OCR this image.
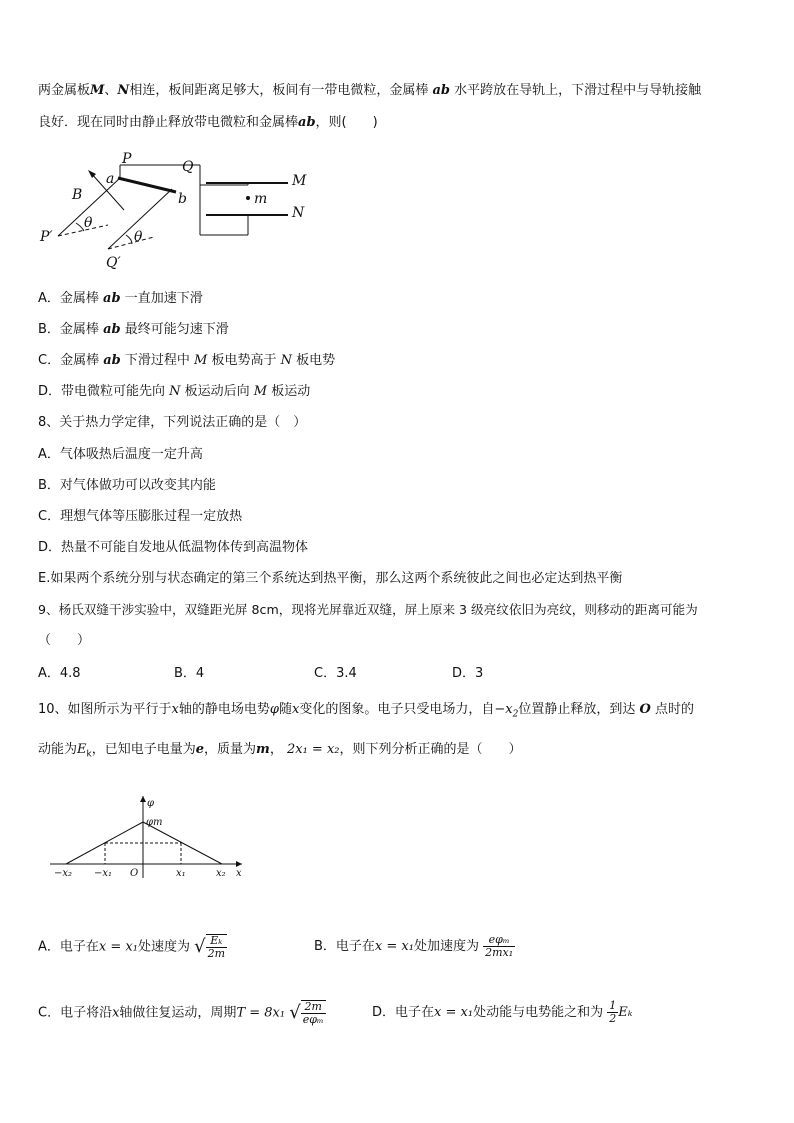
两金属板M、N相连，板间距离足够大，板间有一带电微粒，金属棒 ab 水平跨放在导轨上，下滑过程中与导轨接触
良好．现在同时由静止释放带电微粒和金属棒ab，则(　　)
P	Q
a
b
B
M
N
m
P′
Q′
θ
θ
A．金属棒 ab 一直加速下滑
B．金属棒 ab 最终可能匀速下滑
C．金属棒 ab 下滑过程中 M 板电势高于 N 板电势
D．带电微粒可能先向 N 板运动后向 M 板运动
8、关于热力学定律，下列说法正确的是（　）
A．气体吸热后温度一定升高
B．对气体做功可以改变其内能
C．理想气体等压膨胀过程一定放热
D．热量不可能自发地从低温物体传到高温物体
E.如果两个系统分别与状态确定的第三个系统达到热平衡，那么这两个系统彼此之间也必定达到热平衡
9、杨氏双缝干涉实验中，双缝距光屏 8cm，现将光屏靠近双缝，屏上原来 3 级亮纹依旧为亮纹，则移动的距离可能为
（　　）
A．4.8	B．4	C．3.4	D．3
10、如图所示为平行于x轴的静电场电势φ随x变化的图象。电子只受电场力，自$-x_2$位置静止释放，到达 O 点时的
动能为$E_k$，已知电子电量为e，质量为m， 2x₁ = x₂，则下列分析正确的是（　　）
φ
x
φm
O
−x₂ −x₁	x₁	x₂
A．电子在x = x₁处速度为 √ $\frac{\text{Eₖ}}{2m}$	B．电子在x = x₁处加速度为 $\frac{\text{eφₘ}}{\text{2mx₁}}$
C．电子将沿x轴做往复运动，周期T = 8x₁ √ $\frac{2m}{\text{eφₘ}}$	D．电子在x = x₁处动能与电势能之和为 $\frac{1}{2}$ Eₖ
